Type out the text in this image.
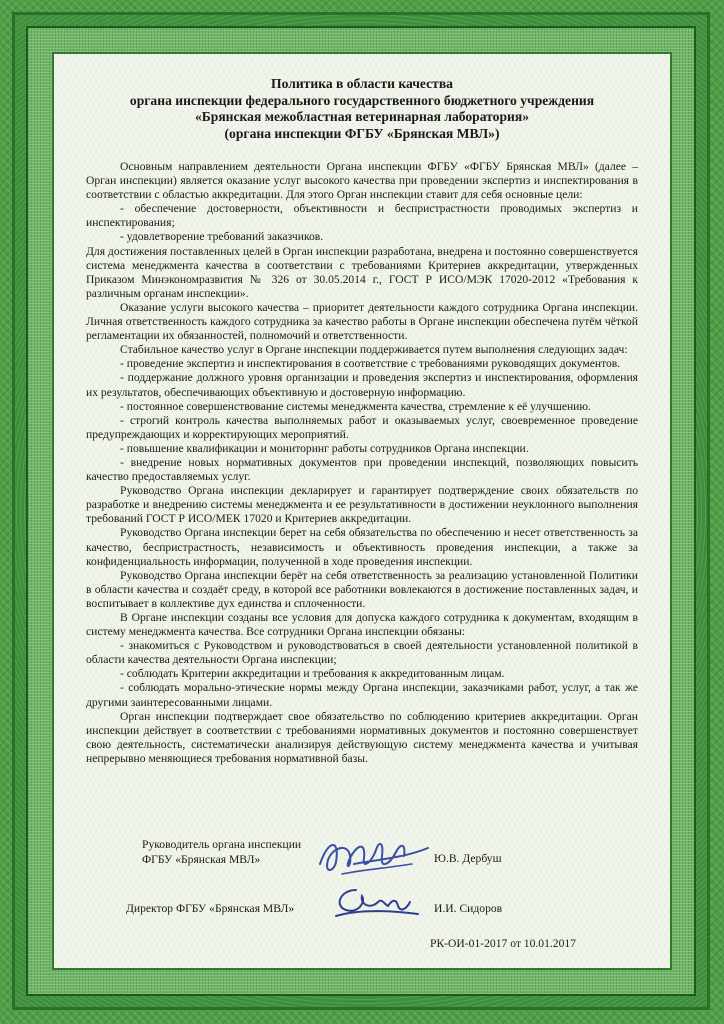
Политика в области качества
органа инспекции федерального государственного бюджетного учреждения
«Брянская межобластная ветеринарная лаборатория»
(органа инспекции ФГБУ «Брянская МВЛ»)

Основным направлением деятельности Органа инспекции ФГБУ «ФГБУ Брянская МВЛ» (далее – Орган инспекции) является оказание услуг высокого качества при проведении экспертиз и инспектирования в соответствии с областью аккредитации. Для этого Орган инспекции ставит для себя основные цели:

- обеспечение достоверности, объективности и беспристрастности проводимых экспертиз и инспектирования;

- удовлетворение требований заказчиков.

Для достижения поставленных целей в Орган инспекции разработана, внедрена и постоянно совершенствуется система менеджмента качества в соответствии с требованиями Критериев аккредитации, утвержденных Приказом Минэкономразвития № 326 от 30.05.2014 г., ГОСТ Р ИСО/МЭК 17020-2012 «Требования к различным органам инспекции».

Оказание услуги высокого качества – приоритет деятельности каждого сотрудника Органа инспекции. Личная ответственность каждого сотрудника за качество работы в Органе инспекции обеспечена путём чёткой регламентации их обязанностей, полномочий и ответственности.

Стабильное качество услуг в Органе инспекции поддерживается путем выполнения следующих задач:

- проведение экспертиз и инспектирования в соответствие с требованиями руководящих документов.

- поддержание должного уровня организации и проведения экспертиз и инспектирования, оформления их результатов, обеспечивающих объективную и достоверную информацию.

- постоянное совершенствование системы менеджмента качества, стремление к её улучшению.

- строгий контроль качества выполняемых работ и оказываемых услуг, своевременное проведение предупреждающих и корректирующих мероприятий.

- повышение квалификации и мониторинг работы сотрудников Органа инспекции.

- внедрение новых нормативных документов при проведении инспекций, позволяющих повысить качество предоставляемых услуг.

Руководство Органа инспекции декларирует и гарантирует подтверждение своих обязательств по разработке и внедрению системы менеджмента и ее результативности в достижении неуклонного выполнения требований ГОСТ Р ИСО/МЕК 17020 и Критериев аккредитации.

Руководство Органа инспекции берет на себя обязательства по обеспечению и несет ответственность за качество, беспристрастность, независимость и объективность проведения инспекции, а также за конфиденциальность информации, полученной в ходе проведения инспекции.

Руководство Органа инспекции берёт на себя ответственность за реализацию установленной Политики в области качества и создаёт среду, в которой все работники вовлекаются в достижение поставленных задач, и воспитывает в коллективе дух единства и сплоченности.

В Органе инспекции созданы все условия для допуска каждого сотрудника к документам, входящим в систему менеджмента качества. Все сотрудники Органа инспекции обязаны:

- знакомиться с Руководством и руководствоваться в своей деятельности установленной политикой в области качества деятельности Органа инспекции;

- соблюдать Критерии аккредитации и требования к аккредитованным лицам.

- соблюдать морально-этические нормы между Органа инспекции, заказчиками работ, услуг, а так же другими заинтересованными лицами.

Орган инспекции подтверждает свое обязательство по соблюдению критериев аккредитации. Орган инспекции действует в соответствии с требованиями нормативных документов и постоянно совершенствует свою деятельность, систематически анализируя действующую систему менеджмента качества и учитывая непрерывно меняющиеся требования нормативной базы.

Руководитель органа инспекции
ФГБУ «Брянская МВЛ»	Ю.В. Дербуш
Директор ФГБУ «Брянская МВЛ»	И.И. Сидоров
РК-ОИ-01-2017 от 10.01.2017
